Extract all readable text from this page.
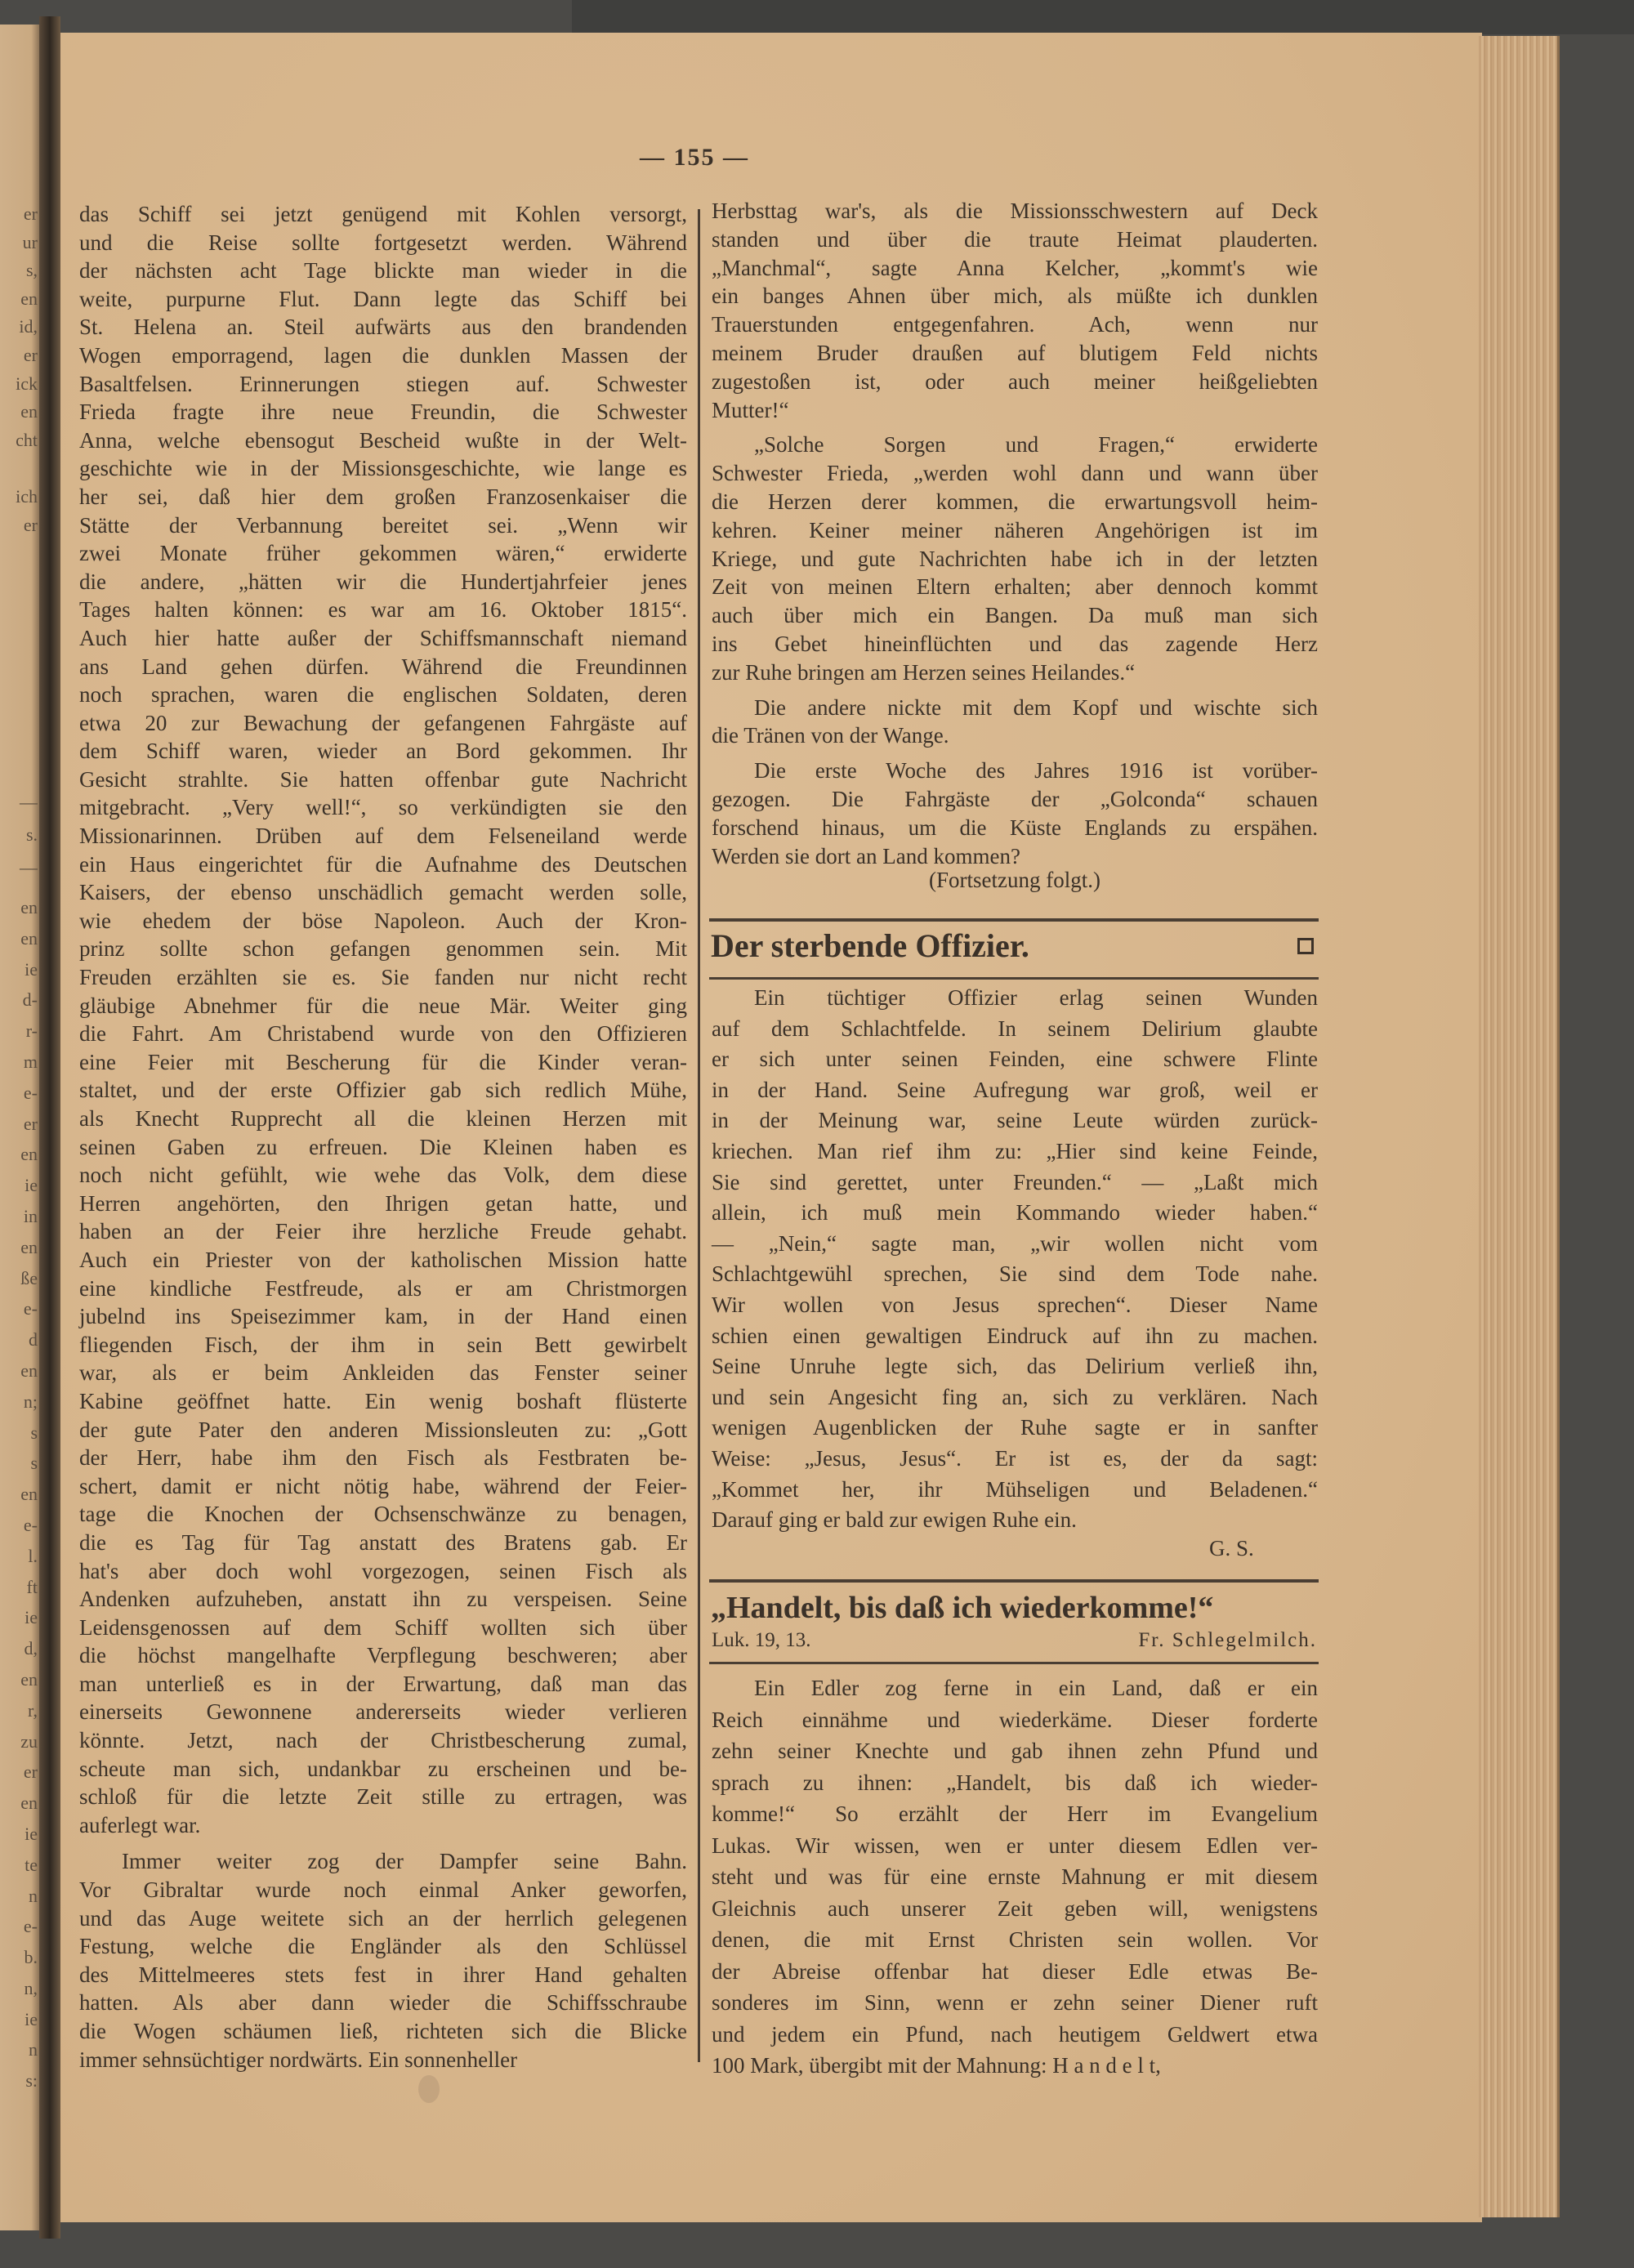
er
ur
s,
en
id,
er
ick
en
cht

ich
er
—
s.
—
en
en
ie
d-
r-
m
e-
er
en
ie
in
en
ße
e-
d
en
n;
s
s
en
e-
l.
ft
ie
d,
en
r,
zu
er
en
ie
te
n
e-
b.
n,
ie
n
s:
— 155 —
das Schiff sei jetzt genügend mit Kohlen versorgt,
und die Reise sollte fortgesetzt werden. Während
der nächsten acht Tage blickte man wieder in die
weite, purpurne Flut. Dann legte das Schiff bei
St. Helena an. Steil aufwärts aus den brandenden
Wogen emporragend, lagen die dunklen Massen der
Basaltfelsen. Erinnerungen stiegen auf. Schwester
Frieda fragte ihre neue Freundin, die Schwester
Anna, welche ebensogut Bescheid wußte in der Welt-
geschichte wie in der Missionsgeschichte, wie lange es
her sei, daß hier dem großen Franzosenkaiser die
Stätte der Verbannung bereitet sei. „Wenn wir
zwei Monate früher gekommen wären,“ erwiderte
die andere, „hätten wir die Hundertjahrfeier jenes
Tages halten können: es war am 16. Oktober 1815“.
Auch hier hatte außer der Schiffsmannschaft niemand
ans Land gehen dürfen. Während die Freundinnen
noch sprachen, waren die englischen Soldaten, deren
etwa 20 zur Bewachung der gefangenen Fahrgäste auf
dem Schiff waren, wieder an Bord gekommen. Ihr
Gesicht strahlte. Sie hatten offenbar gute Nachricht
mitgebracht. „Very well!“, so verkündigten sie den
Missionarinnen. Drüben auf dem Felseneiland werde
ein Haus eingerichtet für die Aufnahme des Deutschen
Kaisers, der ebenso unschädlich gemacht werden solle,
wie ehedem der böse Napoleon. Auch der Kron-
prinz sollte schon gefangen genommen sein. Mit
Freuden erzählten sie es. Sie fanden nur nicht recht
gläubige Abnehmer für die neue Mär. Weiter ging
die Fahrt. Am Christabend wurde von den Offizieren
eine Feier mit Bescherung für die Kinder veran-
staltet, und der erste Offizier gab sich redlich Mühe,
als Knecht Rupprecht all die kleinen Herzen mit
seinen Gaben zu erfreuen. Die Kleinen haben es
noch nicht gefühlt, wie wehe das Volk, dem diese
Herren angehörten, den Ihrigen getan hatte, und
haben an der Feier ihre herzliche Freude gehabt.
Auch ein Priester von der katholischen Mission hatte
eine kindliche Festfreude, als er am Christmorgen
jubelnd ins Speisezimmer kam, in der Hand einen
fliegenden Fisch, der ihm in sein Bett gewirbelt
war, als er beim Ankleiden das Fenster seiner
Kabine geöffnet hatte. Ein wenig boshaft flüsterte
der gute Pater den anderen Missionsleuten zu: „Gott
der Herr, habe ihm den Fisch als Festbraten be-
schert, damit er nicht nötig habe, während der Feier-
tage die Knochen der Ochsenschwänze zu benagen,
die es Tag für Tag anstatt des Bratens gab. Er
hat's aber doch wohl vorgezogen, seinen Fisch als
Andenken aufzuheben, anstatt ihn zu verspeisen. Seine
Leidensgenossen auf dem Schiff wollten sich über
die höchst mangelhafte Verpflegung beschweren; aber
man unterließ es in der Erwartung, daß man das
einerseits Gewonnene andererseits wieder verlieren
könnte. Jetzt, nach der Christbescherung zumal,
scheute man sich, undankbar zu erscheinen und be-
schloß für die letzte Zeit stille zu ertragen, was
auferlegt war.
Immer weiter zog der Dampfer seine Bahn.
Vor Gibraltar wurde noch einmal Anker geworfen,
und das Auge weitete sich an der herrlich gelegenen
Festung, welche die Engländer als den Schlüssel
des Mittelmeeres stets fest in ihrer Hand gehalten
hatten. Als aber dann wieder die Schiffsschraube
die Wogen schäumen ließ, richteten sich die Blicke
immer sehnsüchtiger nordwärts. Ein sonnenheller
Herbsttag war's, als die Missionsschwestern auf Deck
standen und über die traute Heimat plauderten.
„Manchmal“, sagte Anna Kelcher, „kommt's wie
ein banges Ahnen über mich, als müßte ich dunklen
Trauerstunden entgegenfahren. Ach, wenn nur
meinem Bruder draußen auf blutigem Feld nichts
zugestoßen ist, oder auch meiner heißgeliebten
Mutter!“
„Solche Sorgen und Fragen,“ erwiderte
Schwester Frieda, „werden wohl dann und wann über
die Herzen derer kommen, die erwartungsvoll heim-
kehren. Keiner meiner näheren Angehörigen ist im
Kriege, und gute Nachrichten habe ich in der letzten
Zeit von meinen Eltern erhalten; aber dennoch kommt
auch über mich ein Bangen. Da muß man sich
ins Gebet hineinflüchten und das zagende Herz
zur Ruhe bringen am Herzen seines Heilandes.“
Die andere nickte mit dem Kopf und wischte sich
die Tränen von der Wange.
Die erste Woche des Jahres 1916 ist vorüber-
gezogen. Die Fahrgäste der „Golconda“ schauen
forschend hinaus, um die Küste Englands zu erspähen.
Werden sie dort an Land kommen?
(Fortsetzung folgt.)
Der sterbende Offizier.
Ein tüchtiger Offizier erlag seinen Wunden
auf dem Schlachtfelde. In seinem Delirium glaubte
er sich unter seinen Feinden, eine schwere Flinte
in der Hand. Seine Aufregung war groß, weil er
in der Meinung war, seine Leute würden zurück-
kriechen. Man rief ihm zu: „Hier sind keine Feinde,
Sie sind gerettet, unter Freunden.“ — „Laßt mich
allein, ich muß mein Kommando wieder haben.“
— „Nein,“ sagte man, „wir wollen nicht vom
Schlachtgewühl sprechen, Sie sind dem Tode nahe.
Wir wollen von Jesus sprechen“. Dieser Name
schien einen gewaltigen Eindruck auf ihn zu machen.
Seine Unruhe legte sich, das Delirium verließ ihn,
und sein Angesicht fing an, sich zu verklären. Nach
wenigen Augenblicken der Ruhe sagte er in sanfter
Weise: „Jesus, Jesus“. Er ist es, der da sagt:
„Kommet her, ihr Mühseligen und Beladenen.“
Darauf ging er bald zur ewigen Ruhe ein.
G. S.
„Handelt, bis daß ich wiederkomme!“
Luk. 19, 13.	Fr. Schlegelmilch.
Ein Edler zog ferne in ein Land, daß er ein
Reich einnähme und wiederkäme. Dieser forderte
zehn seiner Knechte und gab ihnen zehn Pfund und
sprach zu ihnen: „Handelt, bis daß ich wieder-
komme!“ So erzählt der Herr im Evangelium
Lukas. Wir wissen, wen er unter diesem Edlen ver-
steht und was für eine ernste Mahnung er mit diesem
Gleichnis auch unserer Zeit geben will, wenigstens
denen, die mit Ernst Christen sein wollen. Vor
der Abreise offenbar hat dieser Edle etwas Be-
sonderes im Sinn, wenn er zehn seiner Diener ruft
und jedem ein Pfund, nach heutigem Geldwert etwa
100 Mark, übergibt mit der Mahnung: H a n d e l t,
